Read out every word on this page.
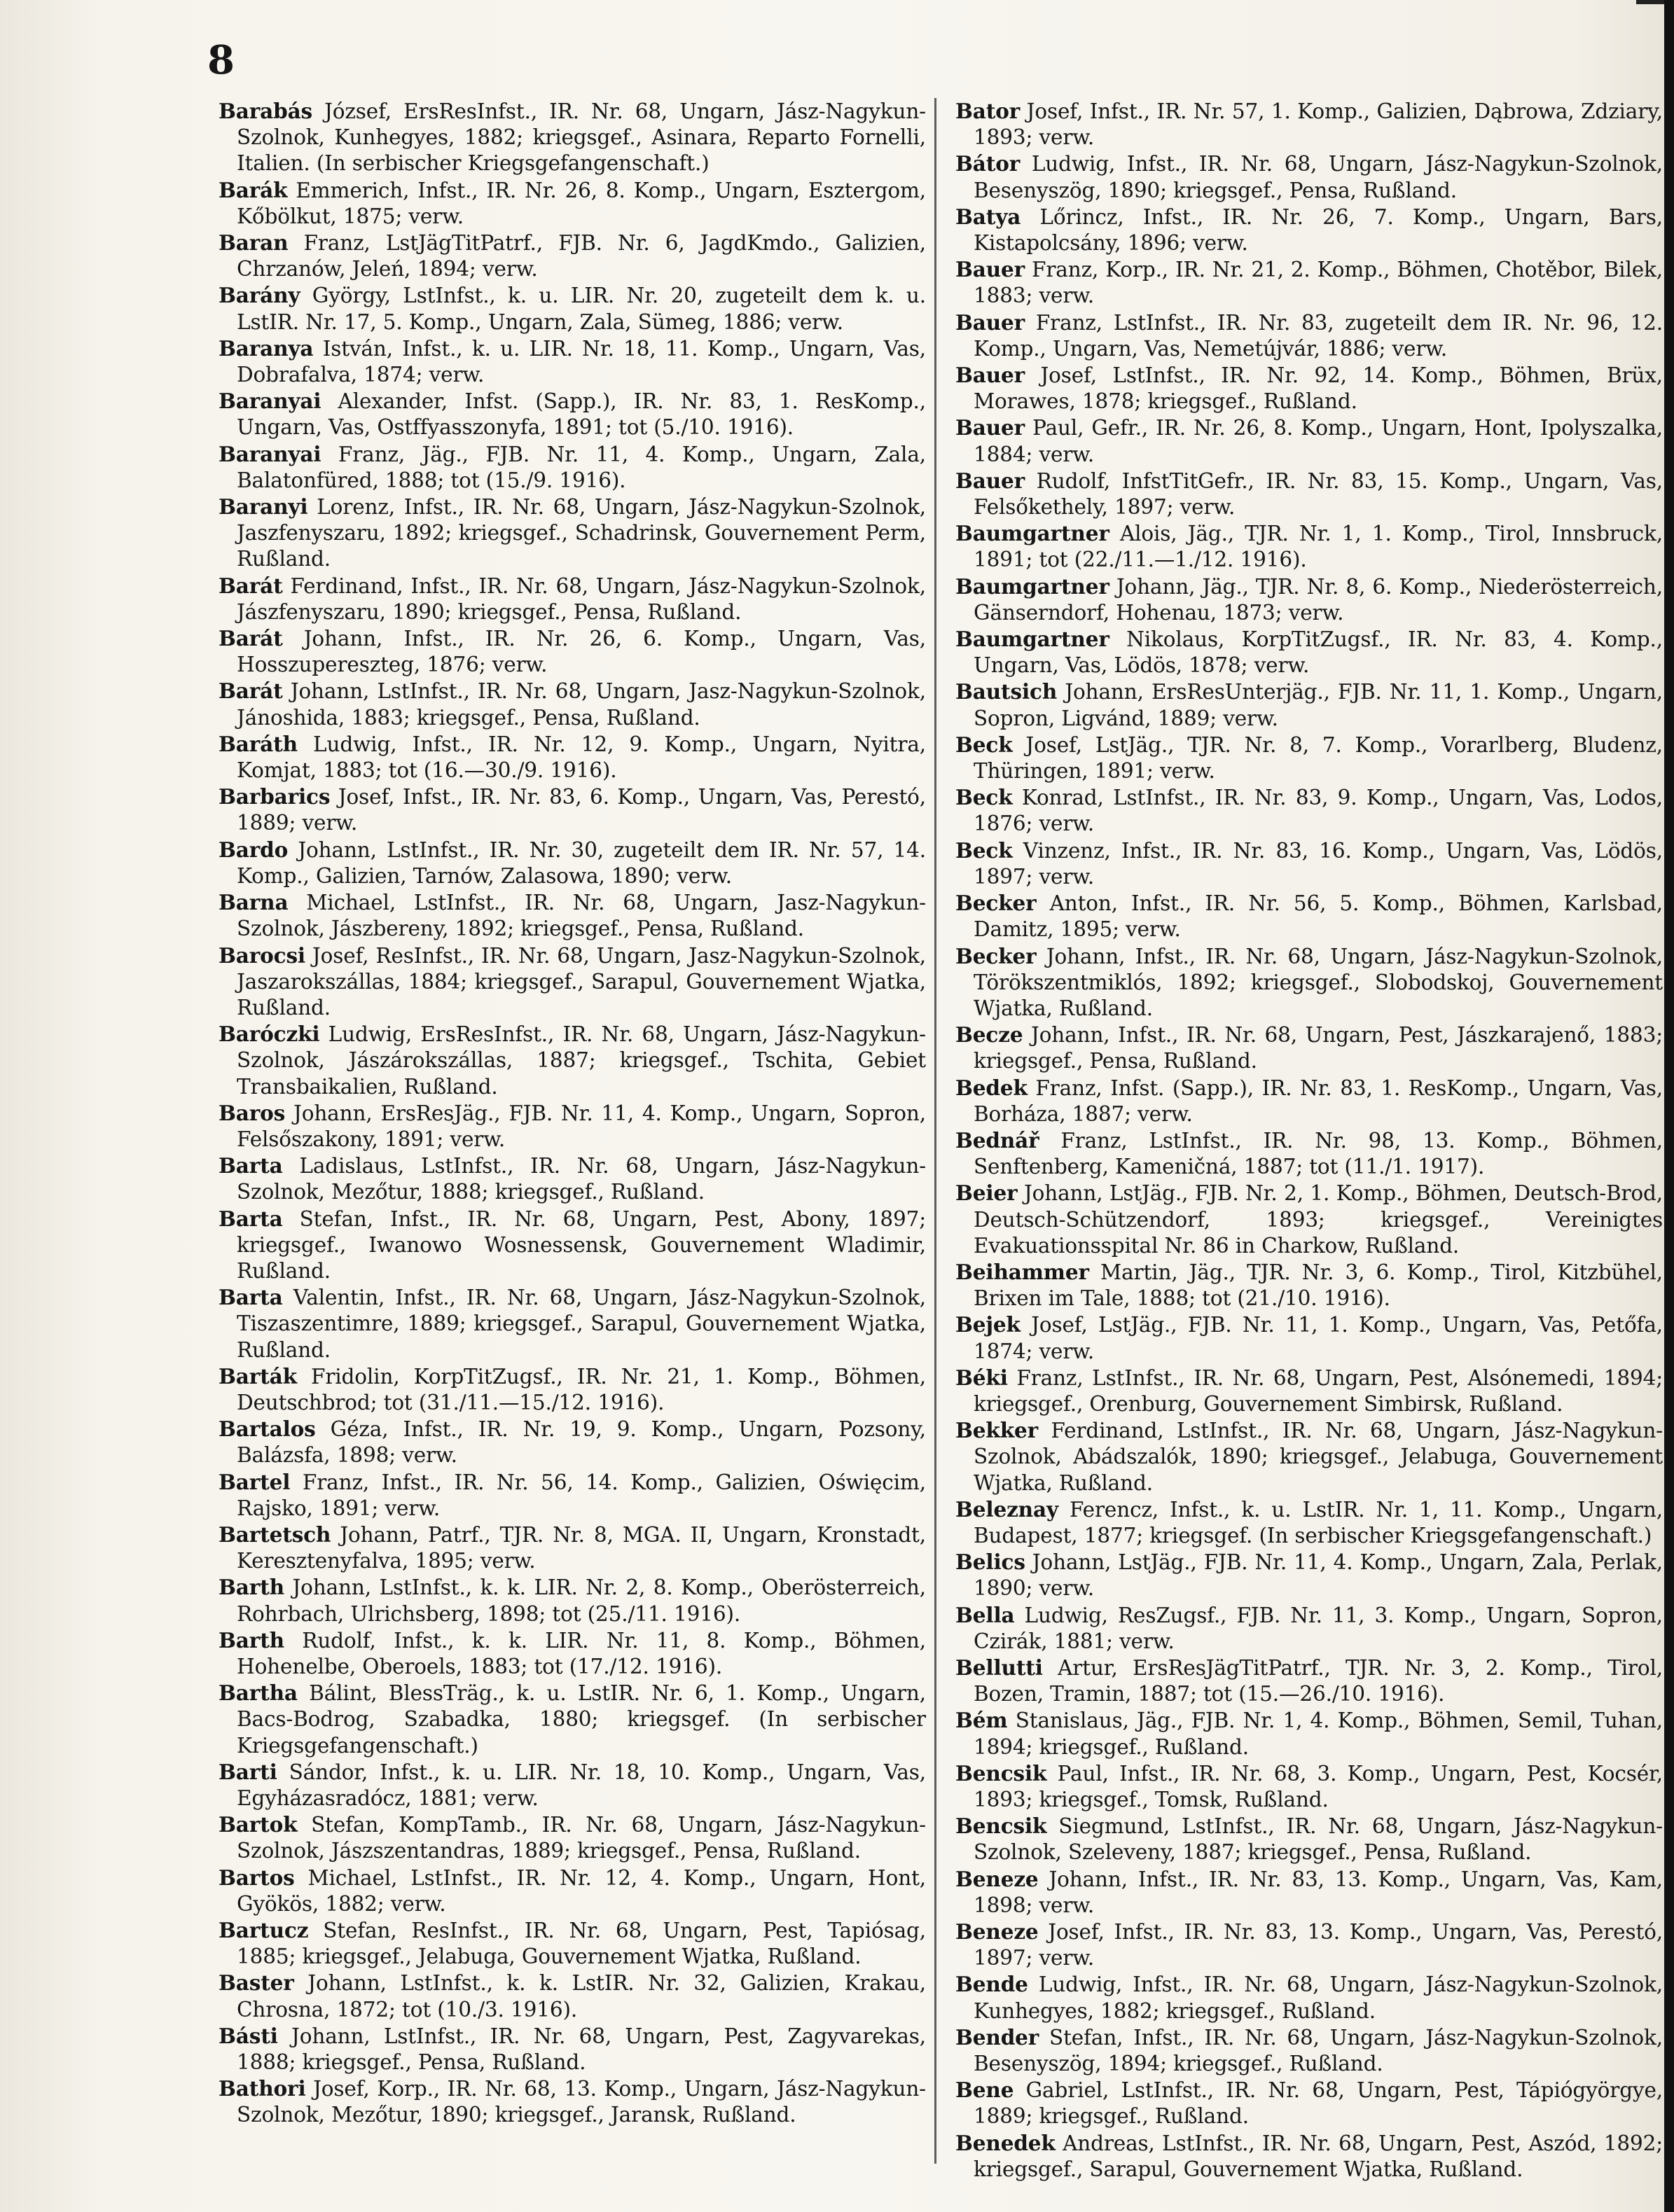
8

Barabás József, ErsResInfst., IR. Nr. 68, Ungarn, Jász-Nagykun-Szolnok, Kunhegyes, 1882; kriegsgef., Asinara, Reparto Fornelli, Italien. (In serbischer Kriegsgefangenschaft.)

Barák Emmerich, Infst., IR. Nr. 26, 8. Komp., Ungarn, Esztergom, Kőbölkut, 1875; verw.

Baran Franz, LstJägTitPatrf., FJB. Nr. 6, JagdKmdo., Galizien, Chrzanów, Jeleń, 1894; verw.

Barány György, LstInfst., k. u. LIR. Nr. 20, zugeteilt dem k. u. LstIR. Nr. 17, 5. Komp., Ungarn, Zala, Sümeg, 1886; verw.

Baranya István, Infst., k. u. LIR. Nr. 18, 11. Komp., Ungarn, Vas, Dobrafalva, 1874; verw.

Baranyai Alexander, Infst. (Sapp.), IR. Nr. 83, 1. ResKomp., Ungarn, Vas, Ostffyasszonyfa, 1891; tot (5./10. 1916).

Baranyai Franz, Jäg., FJB. Nr. 11, 4. Komp., Ungarn, Zala, Balatonfüred, 1888; tot (15./9. 1916).

Baranyi Lorenz, Infst., IR. Nr. 68, Ungarn, Jász-Nagykun-Szolnok, Jaszfenyszaru, 1892; kriegsgef., Schadrinsk, Gouvernement Perm, Rußland.

Barát Ferdinand, Infst., IR. Nr. 68, Ungarn, Jász-Nagykun-Szolnok, Jászfenyszaru, 1890; kriegsgef., Pensa, Rußland.

Barát Johann, Infst., IR. Nr. 26, 6. Komp., Ungarn, Vas, Hosszupereszteg, 1876; verw.

Barát Johann, LstInfst., IR. Nr. 68, Ungarn, Jasz-Nagykun-Szolnok, Jánoshida, 1883; kriegsgef., Pensa, Rußland.

Baráth Ludwig, Infst., IR. Nr. 12, 9. Komp., Ungarn, Nyitra, Komjat, 1883; tot (16.—30./9. 1916).

Barbarics Josef, Infst., IR. Nr. 83, 6. Komp., Ungarn, Vas, Perestó, 1889; verw.

Bardo Johann, LstInfst., IR. Nr. 30, zugeteilt dem IR. Nr. 57, 14. Komp., Galizien, Tarnów, Zalasowa, 1890; verw.

Barna Michael, LstInfst., IR. Nr. 68, Ungarn, Jasz-Nagykun-Szolnok, Jászbereny, 1892; kriegsgef., Pensa, Rußland.

Barocsi Josef, ResInfst., IR. Nr. 68, Ungarn, Jasz-Nagykun-Szolnok, Jaszarokszállas, 1884; kriegsgef., Sarapul, Gouvernement Wjatka, Rußland.

Baróczki Ludwig, ErsResInfst., IR. Nr. 68, Ungarn, Jász-Nagykun-Szolnok, Jászárokszállas, 1887; kriegsgef., Tschita, Gebiet Transbaikalien, Rußland.

Baros Johann, ErsResJäg., FJB. Nr. 11, 4. Komp., Ungarn, Sopron, Felsőszakony, 1891; verw.

Barta Ladislaus, LstInfst., IR. Nr. 68, Ungarn, Jász-Nagykun-Szolnok, Mezőtur, 1888; kriegsgef., Rußland.

Barta Stefan, Infst., IR. Nr. 68, Ungarn, Pest, Abony, 1897; kriegsgef., Iwanowo Wosnessensk, Gouvernement Wladimir, Rußland.

Barta Valentin, Infst., IR. Nr. 68, Ungarn, Jász-Nagykun-Szolnok, Tiszaszentimre, 1889; kriegsgef., Sarapul, Gouvernement Wjatka, Rußland.

Barták Fridolin, KorpTitZugsf., IR. Nr. 21, 1. Komp., Böhmen, Deutschbrod; tot (31./11.—15./12. 1916).

Bartalos Géza, Infst., IR. Nr. 19, 9. Komp., Ungarn, Pozsony, Balázsfa, 1898; verw.

Bartel Franz, Infst., IR. Nr. 56, 14. Komp., Galizien, Oświęcim, Rajsko, 1891; verw.

Bartetsch Johann, Patrf., TJR. Nr. 8, MGA. II, Ungarn, Kronstadt, Keresztenyfalva, 1895; verw.

Barth Johann, LstInfst., k. k. LIR. Nr. 2, 8. Komp., Oberösterreich, Rohrbach, Ulrichsberg, 1898; tot (25./11. 1916).

Barth Rudolf, Infst., k. k. LIR. Nr. 11, 8. Komp., Böhmen, Hohenelbe, Oberoels, 1883; tot (17./12. 1916).

Bartha Bálint, BlessTräg., k. u. LstIR. Nr. 6, 1. Komp., Ungarn, Bacs-Bodrog, Szabadka, 1880; kriegsgef. (In serbischer Kriegsgefangenschaft.)

Barti Sándor, Infst., k. u. LIR. Nr. 18, 10. Komp., Ungarn, Vas, Egyházasradócz, 1881; verw.

Bartok Stefan, KompTamb., IR. Nr. 68, Ungarn, Jász-Nagykun-Szolnok, Jászszentandras, 1889; kriegsgef., Pensa, Rußland.

Bartos Michael, LstInfst., IR. Nr. 12, 4. Komp., Ungarn, Hont, Gyökös, 1882; verw.

Bartucz Stefan, ResInfst., IR. Nr. 68, Ungarn, Pest, Tapiósag, 1885; kriegsgef., Jelabuga, Gouvernement Wjatka, Rußland.

Baster Johann, LstInfst., k. k. LstIR. Nr. 32, Galizien, Krakau, Chrosna, 1872; tot (10./3. 1916).

Básti Johann, LstInfst., IR. Nr. 68, Ungarn, Pest, Zagyvarekas, 1888; kriegsgef., Pensa, Rußland.

Bathori Josef, Korp., IR. Nr. 68, 13. Komp., Ungarn, Jász-Nagykun-Szolnok, Mezőtur, 1890; kriegsgef., Jaransk, Rußland.

Bator Josef, Infst., IR. Nr. 57, 1. Komp., Galizien, Dąbrowa, Zdziary, 1893; verw.

Bátor Ludwig, Infst., IR. Nr. 68, Ungarn, Jász-Nagykun-Szolnok, Besenyszög, 1890; kriegsgef., Pensa, Rußland.

Batya Lőrincz, Infst., IR. Nr. 26, 7. Komp., Ungarn, Bars, Kistapolcsány, 1896; verw.

Bauer Franz, Korp., IR. Nr. 21, 2. Komp., Böhmen, Chotěbor, Bilek, 1883; verw.

Bauer Franz, LstInfst., IR. Nr. 83, zugeteilt dem IR. Nr. 96, 12. Komp., Ungarn, Vas, Nemetújvár, 1886; verw.

Bauer Josef, LstInfst., IR. Nr. 92, 14. Komp., Böhmen, Brüx, Morawes, 1878; kriegsgef., Rußland.

Bauer Paul, Gefr., IR. Nr. 26, 8. Komp., Ungarn, Hont, Ipolyszalka, 1884; verw.

Bauer Rudolf, InfstTitGefr., IR. Nr. 83, 15. Komp., Ungarn, Vas, Felsőkethely, 1897; verw.

Baumgartner Alois, Jäg., TJR. Nr. 1, 1. Komp., Tirol, Innsbruck, 1891; tot (22./11.—1./12. 1916).

Baumgartner Johann, Jäg., TJR. Nr. 8, 6. Komp., Niederösterreich, Gänserndorf, Hohenau, 1873; verw.

Baumgartner Nikolaus, KorpTitZugsf., IR. Nr. 83, 4. Komp., Ungarn, Vas, Lödös, 1878; verw.

Bautsich Johann, ErsResUnterjäg., FJB. Nr. 11, 1. Komp., Ungarn, Sopron, Ligvánd, 1889; verw.

Beck Josef, LstJäg., TJR. Nr. 8, 7. Komp., Vorarlberg, Bludenz, Thüringen, 1891; verw.

Beck Konrad, LstInfst., IR. Nr. 83, 9. Komp., Ungarn, Vas, Lodos, 1876; verw.

Beck Vinzenz, Infst., IR. Nr. 83, 16. Komp., Ungarn, Vas, Lödös, 1897; verw.

Becker Anton, Infst., IR. Nr. 56, 5. Komp., Böhmen, Karlsbad, Damitz, 1895; verw.

Becker Johann, Infst., IR. Nr. 68, Ungarn, Jász-Nagykun-Szolnok, Törökszentmiklós, 1892; kriegsgef., Slobodskoj, Gouvernement Wjatka, Rußland.

Becze Johann, Infst., IR. Nr. 68, Ungarn, Pest, Jászkarajenő, 1883; kriegsgef., Pensa, Rußland.

Bedek Franz, Infst. (Sapp.), IR. Nr. 83, 1. ResKomp., Ungarn, Vas, Borháza, 1887; verw.

Bednář Franz, LstInfst., IR. Nr. 98, 13. Komp., Böhmen, Senftenberg, Kameničná, 1887; tot (11./1. 1917).

Beier Johann, LstJäg., FJB. Nr. 2, 1. Komp., Böhmen, Deutsch-Brod, Deutsch-Schützendorf, 1893; kriegsgef., Vereinigtes Evakuationsspital Nr. 86 in Charkow, Rußland.

Beihammer Martin, Jäg., TJR. Nr. 3, 6. Komp., Tirol, Kitzbühel, Brixen im Tale, 1888; tot (21./10. 1916).

Bejek Josef, LstJäg., FJB. Nr. 11, 1. Komp., Ungarn, Vas, Petőfa, 1874; verw.

Béki Franz, LstInfst., IR. Nr. 68, Ungarn, Pest, Alsónemedi, 1894; kriegsgef., Orenburg, Gouvernement Simbirsk, Rußland.

Bekker Ferdinand, LstInfst., IR. Nr. 68, Ungarn, Jász-Nagykun-Szolnok, Abádszalók, 1890; kriegsgef., Jelabuga, Gouvernement Wjatka, Rußland.

Beleznay Ferencz, Infst., k. u. LstIR. Nr. 1, 11. Komp., Ungarn, Budapest, 1877; kriegsgef. (In serbischer Kriegsgefangenschaft.)

Belics Johann, LstJäg., FJB. Nr. 11, 4. Komp., Ungarn, Zala, Perlak, 1890; verw.

Bella Ludwig, ResZugsf., FJB. Nr. 11, 3. Komp., Ungarn, Sopron, Czirák, 1881; verw.

Bellutti Artur, ErsResJägTitPatrf., TJR. Nr. 3, 2. Komp., Tirol, Bozen, Tramin, 1887; tot (15.—26./10. 1916).

Bém Stanislaus, Jäg., FJB. Nr. 1, 4. Komp., Böhmen, Semil, Tuhan, 1894; kriegsgef., Rußland.

Bencsik Paul, Infst., IR. Nr. 68, 3. Komp., Ungarn, Pest, Kocsér, 1893; kriegsgef., Tomsk, Rußland.

Bencsik Siegmund, LstInfst., IR. Nr. 68, Ungarn, Jász-Nagykun-Szolnok, Szeleveny, 1887; kriegsgef., Pensa, Rußland.

Beneze Johann, Infst., IR. Nr. 83, 13. Komp., Ungarn, Vas, Kam, 1898; verw.

Beneze Josef, Infst., IR. Nr. 83, 13. Komp., Ungarn, Vas, Perestó, 1897; verw.

Bende Ludwig, Infst., IR. Nr. 68, Ungarn, Jász-Nagykun-Szolnok, Kunhegyes, 1882; kriegsgef., Rußland.

Bender Stefan, Infst., IR. Nr. 68, Ungarn, Jász-Nagykun-Szolnok, Besenyszög, 1894; kriegsgef., Rußland.

Bene Gabriel, LstInfst., IR. Nr. 68, Ungarn, Pest, Tápiógyörgye, 1889; kriegsgef., Rußland.

Benedek Andreas, LstInfst., IR. Nr. 68, Ungarn, Pest, Aszód, 1892; kriegsgef., Sarapul, Gouvernement Wjatka, Rußland.
